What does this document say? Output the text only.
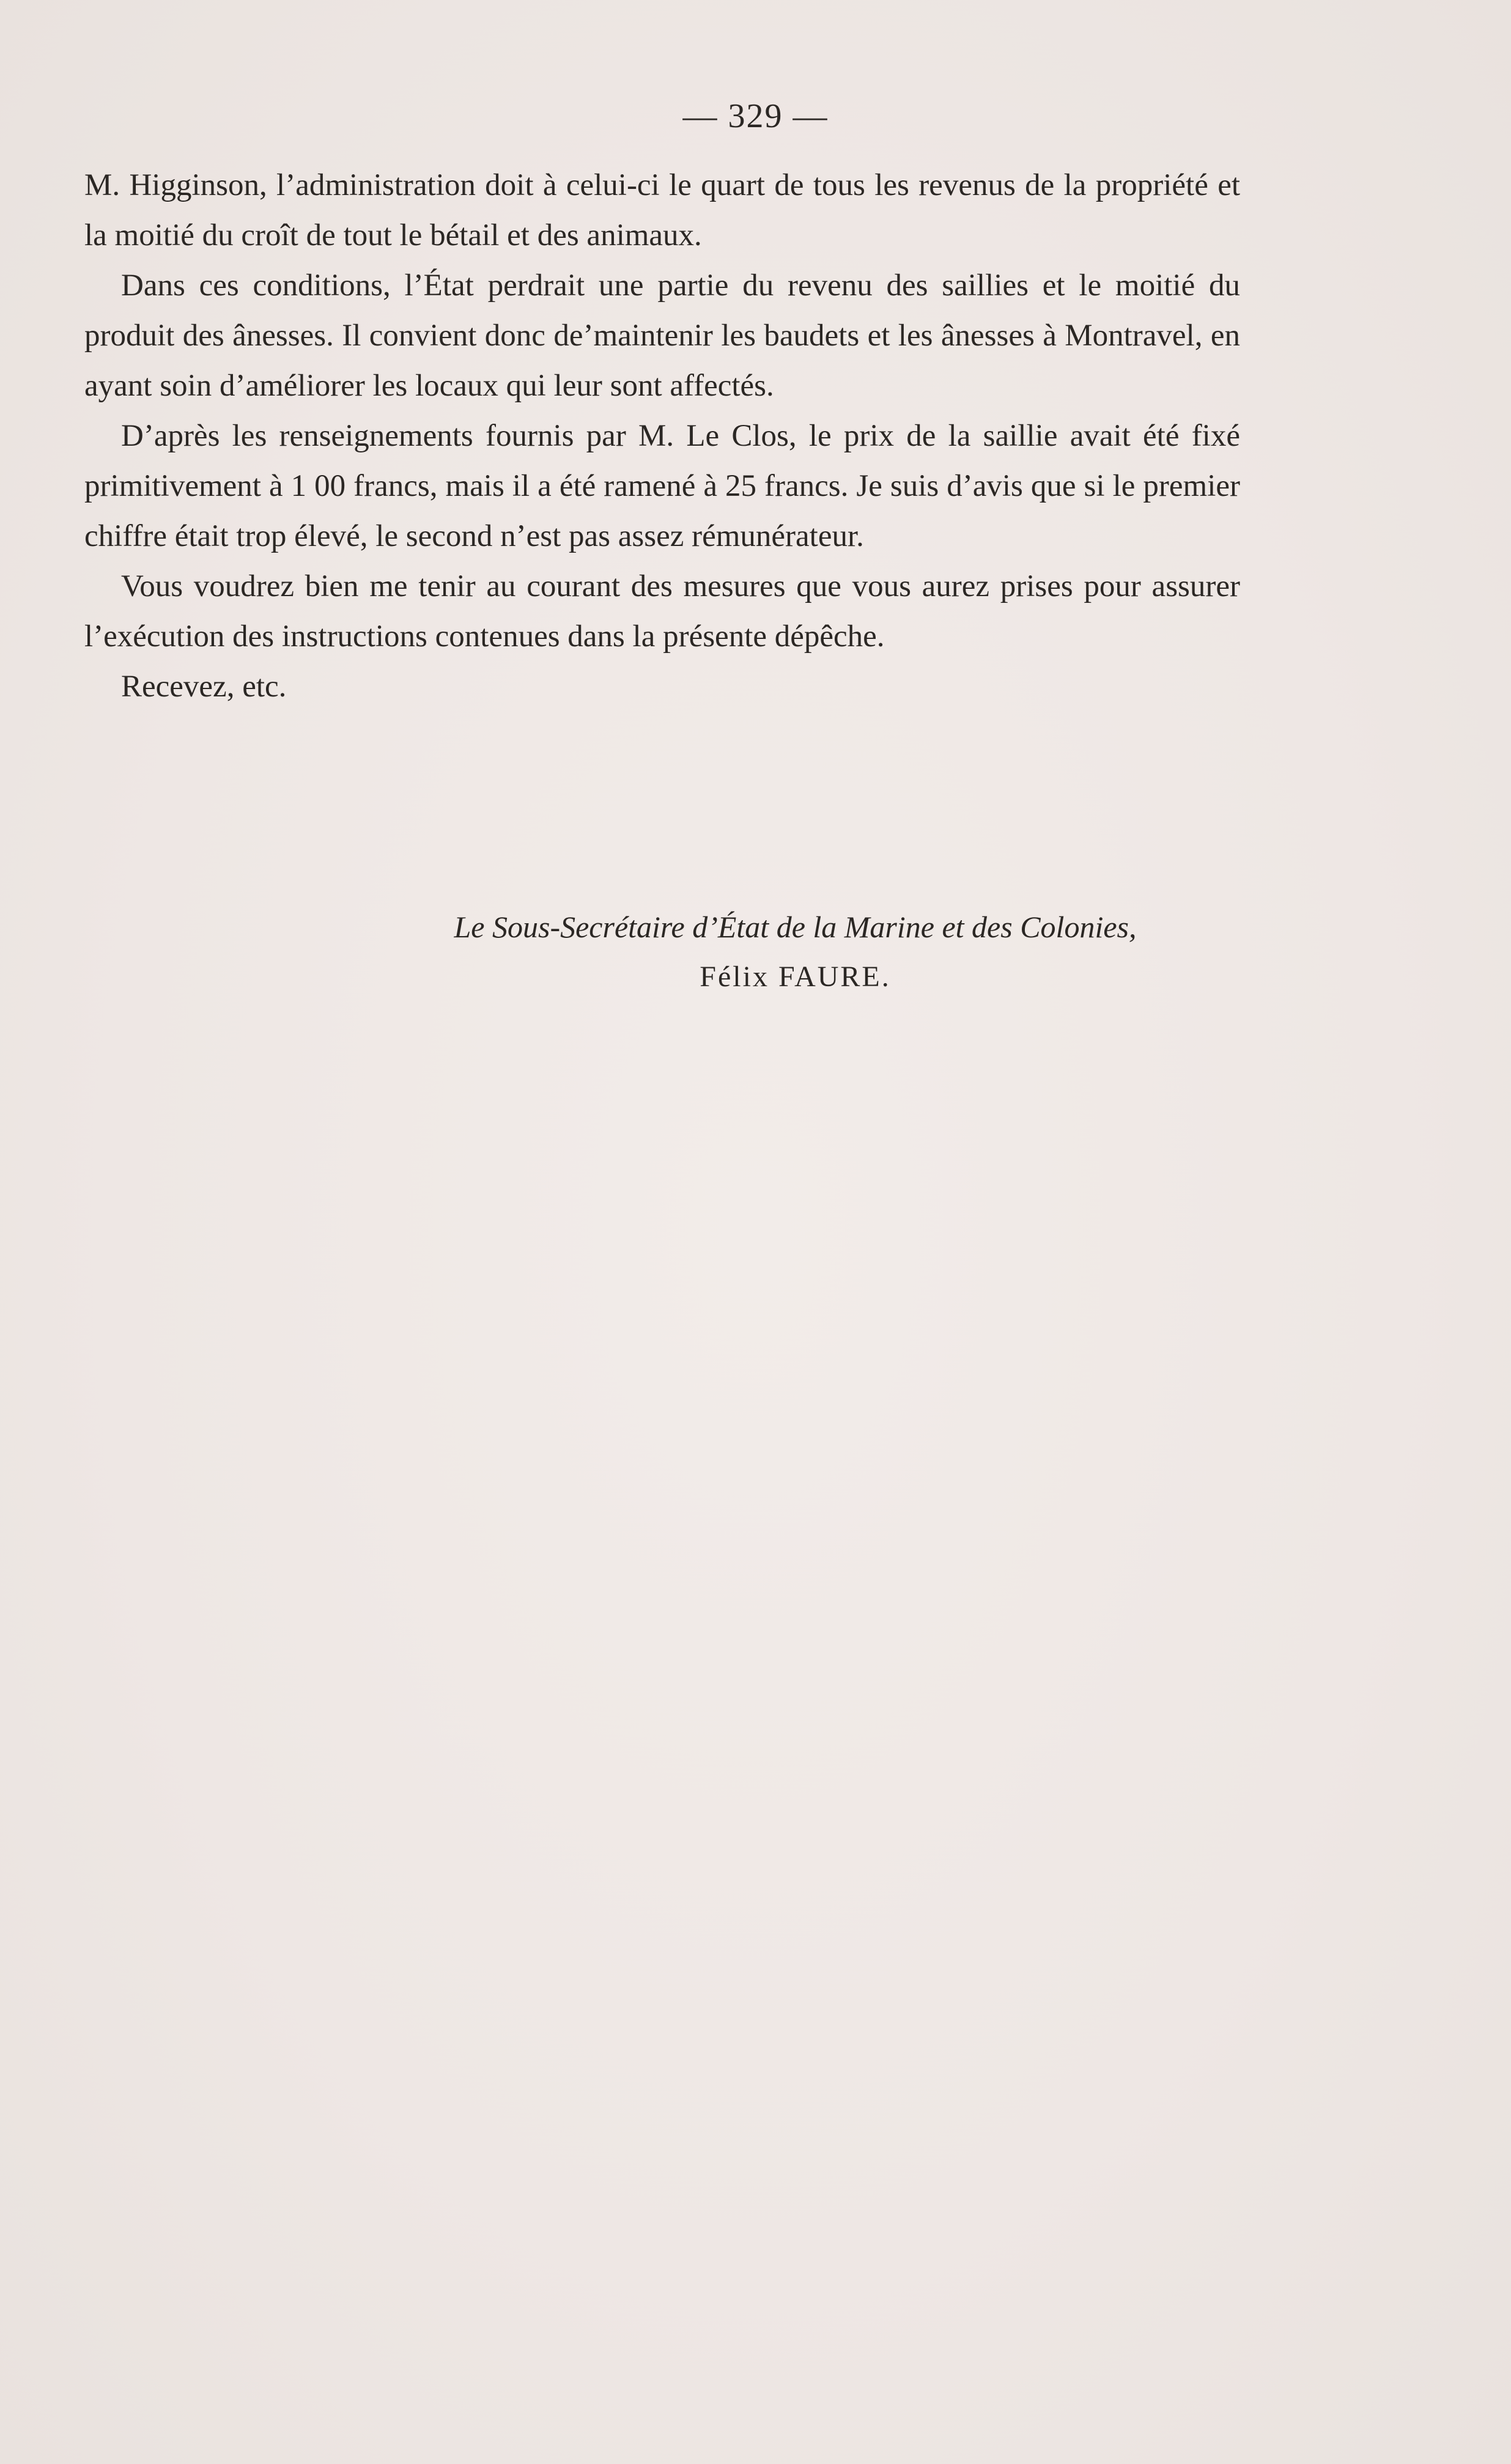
— 329 —

M. Higginson, l’administration doit à celui-ci le quart de tous les revenus de la propriété et la moitié du croît de tout le bétail et des animaux.

Dans ces conditions, l’État perdrait une partie du revenu des saillies et le moitié du produit des ânesses. Il convient donc de’maintenir les baudets et les ânesses à Montravel, en ayant soin d’améliorer les locaux qui leur sont affectés.

D’après les renseignements fournis par M. Le Clos, le prix de la saillie avait été fixé primitivement à 1 00 francs, mais il a été ramené à 25 francs. Je suis d’avis que si le premier chiffre était trop élevé, le second n’est pas assez rémunérateur.

Vous voudrez bien me tenir au courant des mesures que vous aurez prises pour assurer l’exécution des instructions contenues dans la présente dépêche.

Recevez, etc.

Le Sous-Secrétaire d’État de la Marine et des Colonies,

Félix FAURE.
